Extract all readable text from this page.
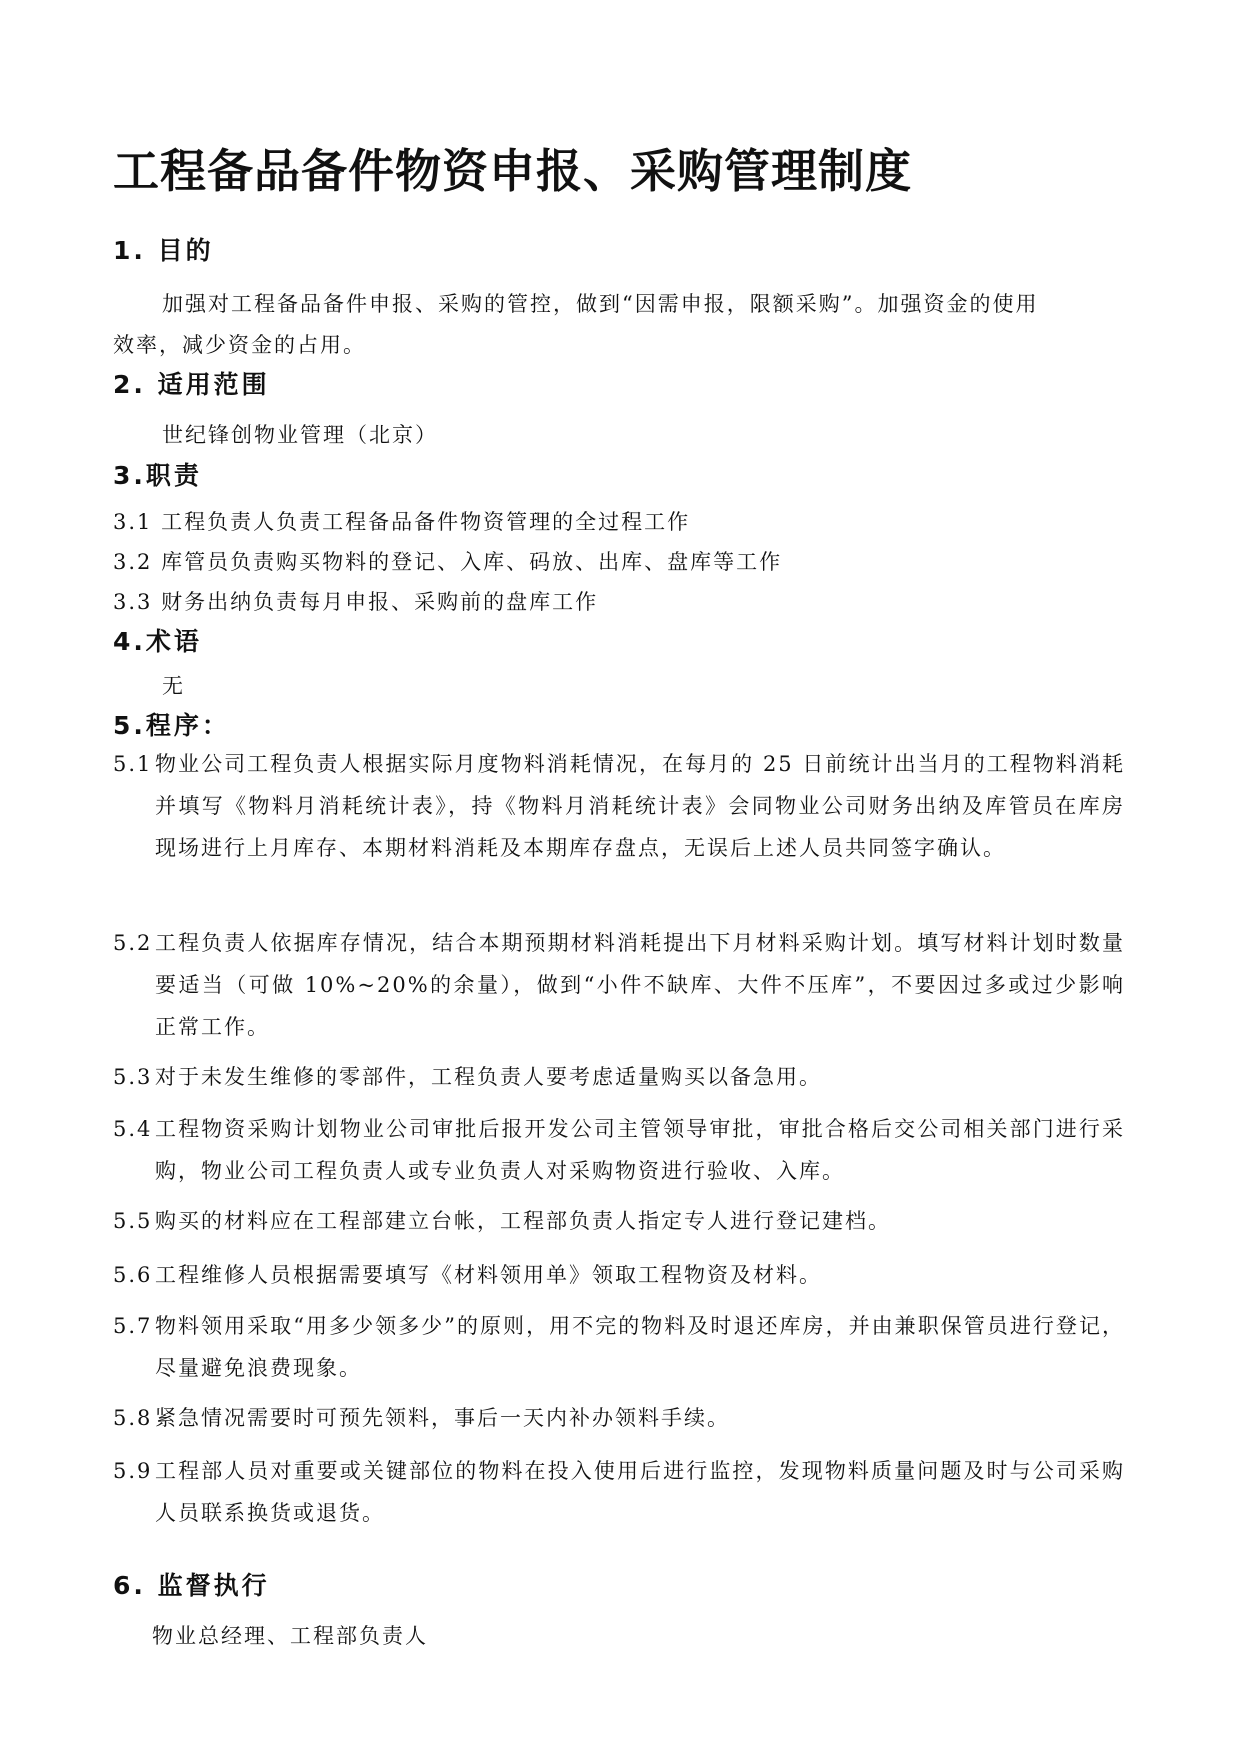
工程备品备件物资申报、采购管理制度
1. 目的

加强对工程备品备件申报、采购的管控，做到“因需申报，限额采购”。加强资金的使用

效率，减少资金的占用。

2. 适用范围

世纪锋创物业管理（北京）

3.职责

3.1 工程负责人负责工程备品备件物资管理的全过程工作

3.2 库管员负责购买物料的登记、入库、码放、出库、盘库等工作

3.3 财务出纳负责每月申报、采购前的盘库工作

4.术语

无

5.程序：
5.1 物业公司工程负责人根据实际月度物料消耗情况，在每月的 25 日前统计出当月的工程物料消耗并填写《物料月消耗统计表》，持《物料月消耗统计表》会同物业公司财务出纳及库管员在库房现场进行上月库存、本期材料消耗及本期库存盘点，无误后上述人员共同签字确认。
5.2 工程负责人依据库存情况，结合本期预期材料消耗提出下月材料采购计划。填写材料计划时数量要适当（可做 10%~20%的余量），做到“小件不缺库、大件不压库”，不要因过多或过少影响正常工作。
5.3 对于未发生维修的零部件，工程负责人要考虑适量购买以备急用。
5.4 工程物资采购计划物业公司审批后报开发公司主管领导审批，审批合格后交公司相关部门进行采购，物业公司工程负责人或专业负责人对采购物资进行验收、入库。
5.5 购买的材料应在工程部建立台帐，工程部负责人指定专人进行登记建档。
5.6 工程维修人员根据需要填写《材料领用单》领取工程物资及材料。
5.7 物料领用采取“用多少领多少”的原则，用不完的物料及时退还库房，并由兼职保管员进行登记，尽量避免浪费现象。
5.8 紧急情况需要时可预先领料，事后一天内补办领料手续。
5.9 工程部人员对重要或关键部位的物料在投入使用后进行监控，发现物料质量问题及时与公司采购人员联系换货或退货。
6. 监督执行

物业总经理、工程部负责人
